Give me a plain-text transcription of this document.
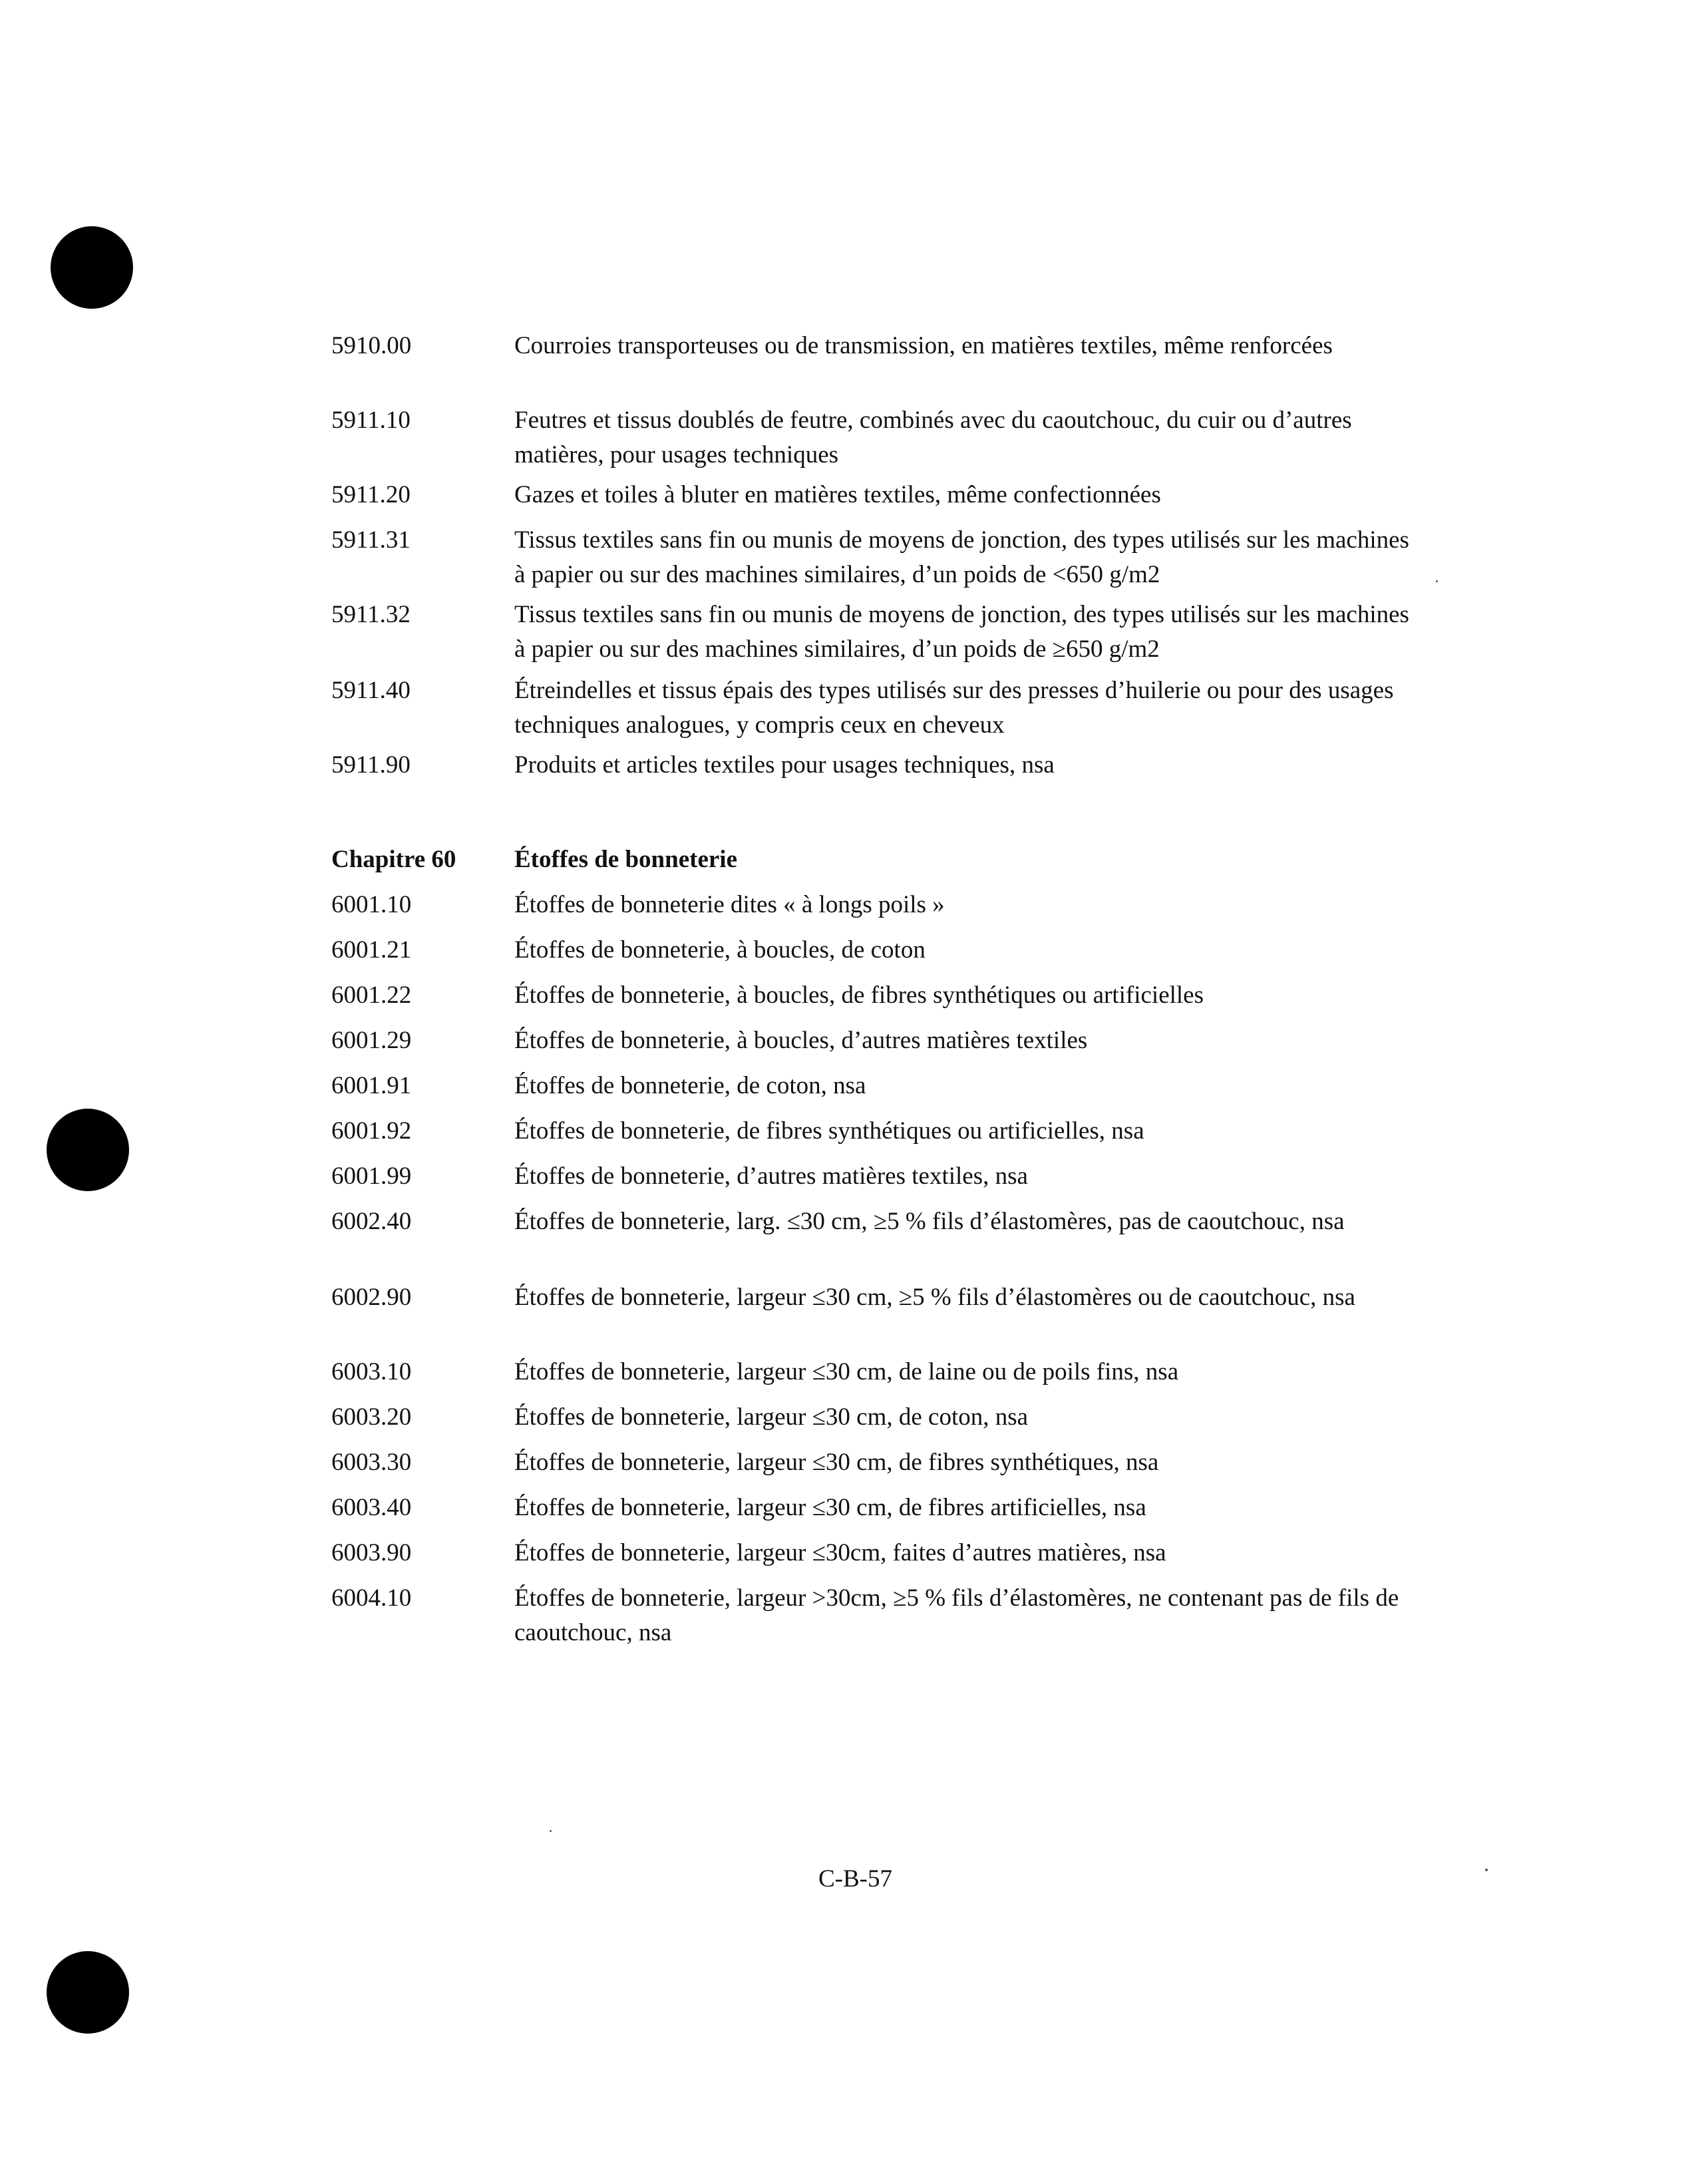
5910.00	Courroies transporteuses ou de transmission, en matières textiles, même renforcées
5911.10	Feutres et tissus doublés de feutre, combinés avec du caoutchouc, du cuir ou d’autres matières, pour usages techniques
5911.20	Gazes et toiles à bluter en matières textiles, même confectionnées
5911.31	Tissus textiles sans fin ou munis de moyens de jonction, des types utilisés sur les machines à papier ou sur des machines similaires, d’un poids de <650 g/m2
5911.32	Tissus textiles sans fin ou munis de moyens de jonction, des types utilisés sur les machines à papier ou sur des machines similaires, d’un poids de ≥650 g/m2
5911.40	Étreindelles et tissus épais des types utilisés sur des presses d’huilerie ou pour des usages techniques analogues, y compris ceux en cheveux
5911.90	Produits et articles textiles pour usages techniques, nsa
Chapitre 60	Étoffes de bonneterie
6001.10	Étoffes de bonneterie dites « à longs poils »
6001.21	Étoffes de bonneterie, à boucles, de coton
6001.22	Étoffes de bonneterie, à boucles, de fibres synthétiques ou artificielles
6001.29	Étoffes de bonneterie, à boucles, d’autres matières textiles
6001.91	Étoffes de bonneterie, de coton, nsa
6001.92	Étoffes de bonneterie, de fibres synthétiques ou artificielles, nsa
6001.99	Étoffes de bonneterie, d’autres matières textiles, nsa
6002.40	Étoffes de bonneterie, larg. ≤30 cm, ≥5 % fils d’élastomères, pas de caoutchouc, nsa
6002.90	Étoffes de bonneterie, largeur ≤30 cm, ≥5 % fils d’élastomères ou de caoutchouc, nsa
6003.10	Étoffes de bonneterie, largeur ≤30 cm, de laine ou de poils fins, nsa
6003.20	Étoffes de bonneterie, largeur ≤30 cm, de coton, nsa
6003.30	Étoffes de bonneterie, largeur ≤30 cm, de fibres synthétiques, nsa
6003.40	Étoffes de bonneterie, largeur ≤30 cm, de fibres artificielles, nsa
6003.90	Étoffes de bonneterie, largeur ≤30cm, faites d’autres matières, nsa
6004.10	Étoffes de bonneterie, largeur >30cm, ≥5 % fils d’élastomères, ne contenant pas de fils de caoutchouc, nsa
C-B-57
